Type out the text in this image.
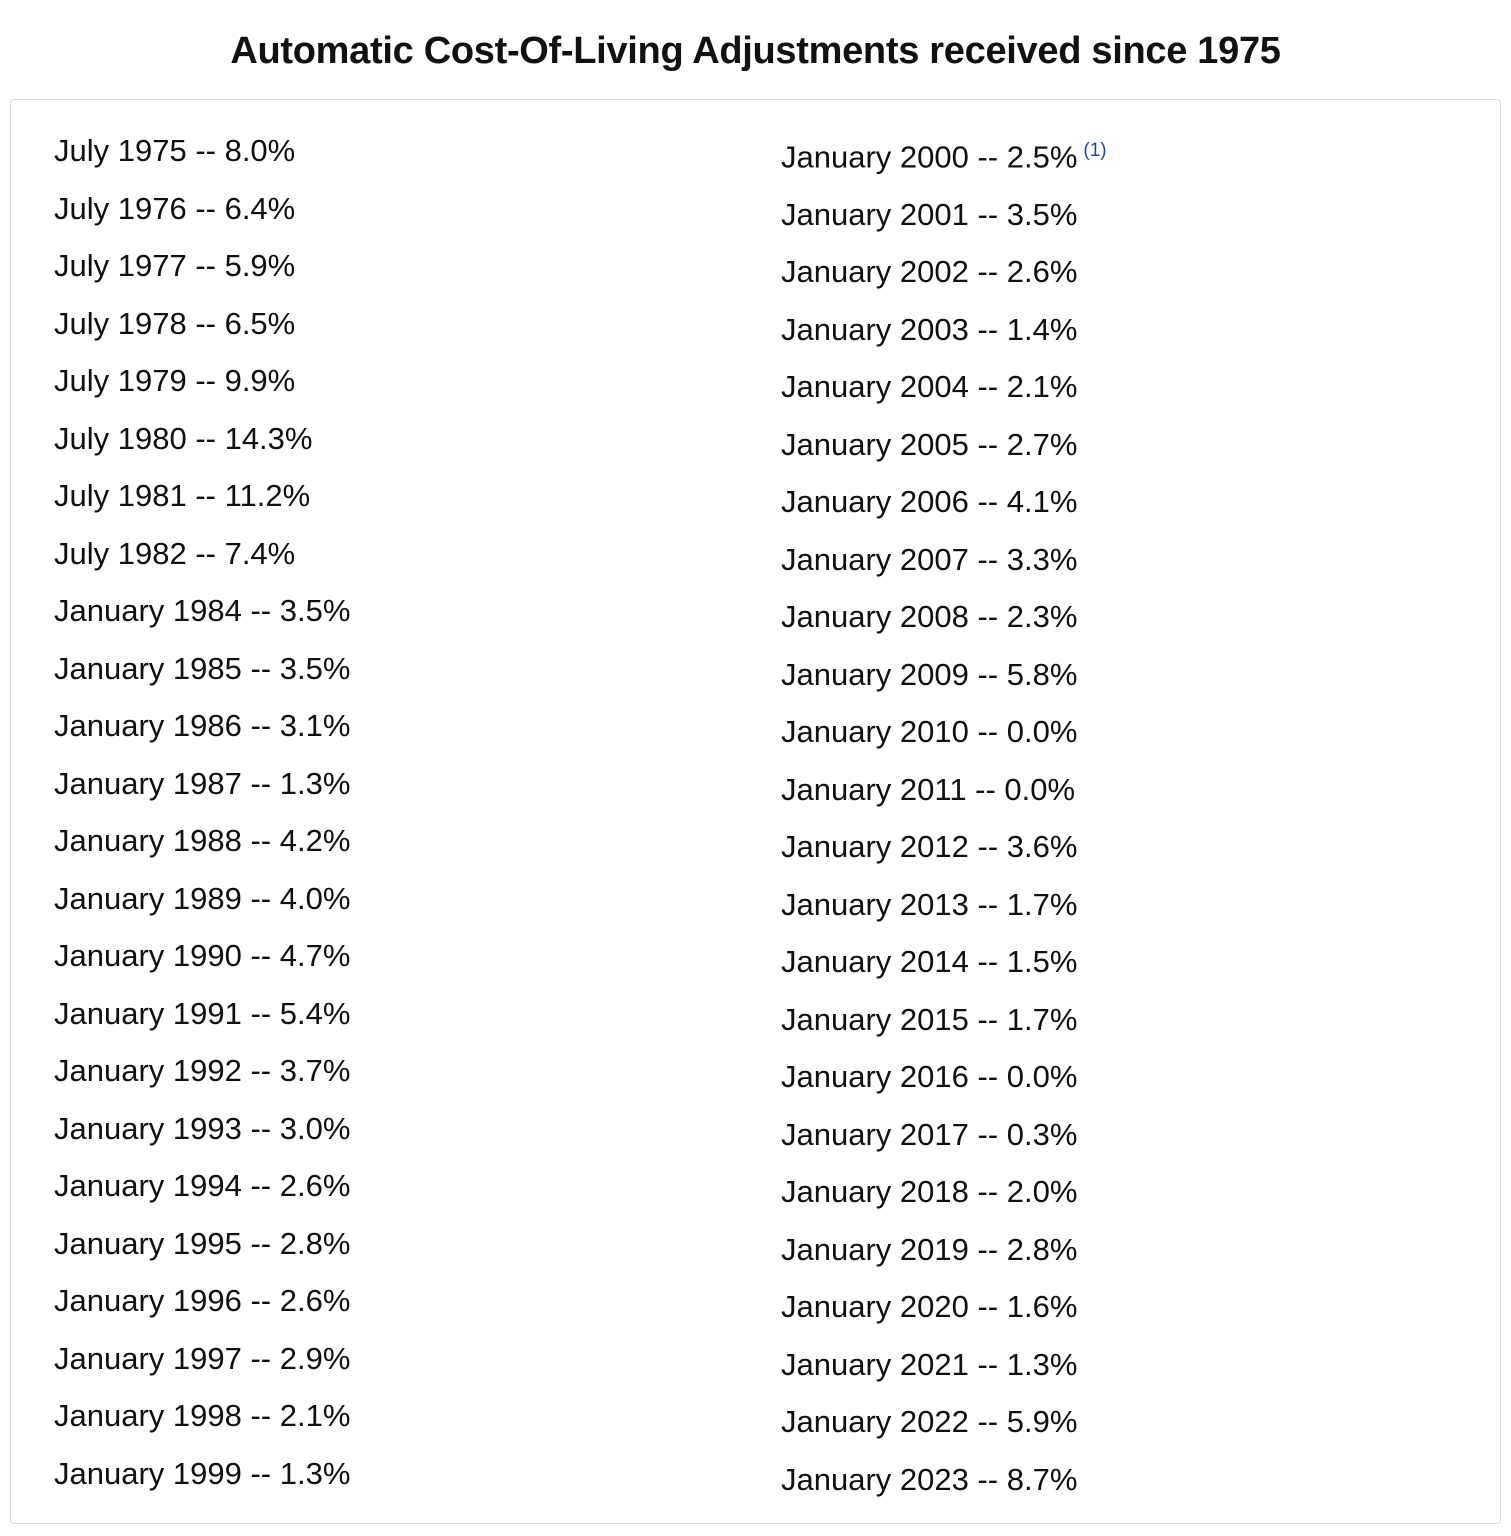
Automatic Cost-Of-Living Adjustments received since 1975
July 1975 -- 8.0%
July 1976 -- 6.4%
July 1977 -- 5.9%
July 1978 -- 6.5%
July 1979 -- 9.9%
July 1980 -- 14.3%
July 1981 -- 11.2%
July 1982 -- 7.4%
January 1984 -- 3.5%
January 1985 -- 3.5%
January 1986 -- 3.1%
January 1987 -- 1.3%
January 1988 -- 4.2%
January 1989 -- 4.0%
January 1990 -- 4.7%
January 1991 -- 5.4%
January 1992 -- 3.7%
January 1993 -- 3.0%
January 1994 -- 2.6%
January 1995 -- 2.8%
January 1996 -- 2.6%
January 1997 -- 2.9%
January 1998 -- 2.1%
January 1999 -- 1.3%
January 2000 -- 2.5% $^{(1)}$
January 2001 -- 3.5%
January 2002 -- 2.6%
January 2003 -- 1.4%
January 2004 -- 2.1%
January 2005 -- 2.7%
January 2006 -- 4.1%
January 2007 -- 3.3%
January 2008 -- 2.3%
January 2009 -- 5.8%
January 2010 -- 0.0%
January 2011 -- 0.0%
January 2012 -- 3.6%
January 2013 -- 1.7%
January 2014 -- 1.5%
January 2015 -- 1.7%
January 2016 -- 0.0%
January 2017 -- 0.3%
January 2018 -- 2.0%
January 2019 -- 2.8%
January 2020 -- 1.6%
January 2021 -- 1.3%
January 2022 -- 5.9%
January 2023 -- 8.7%
